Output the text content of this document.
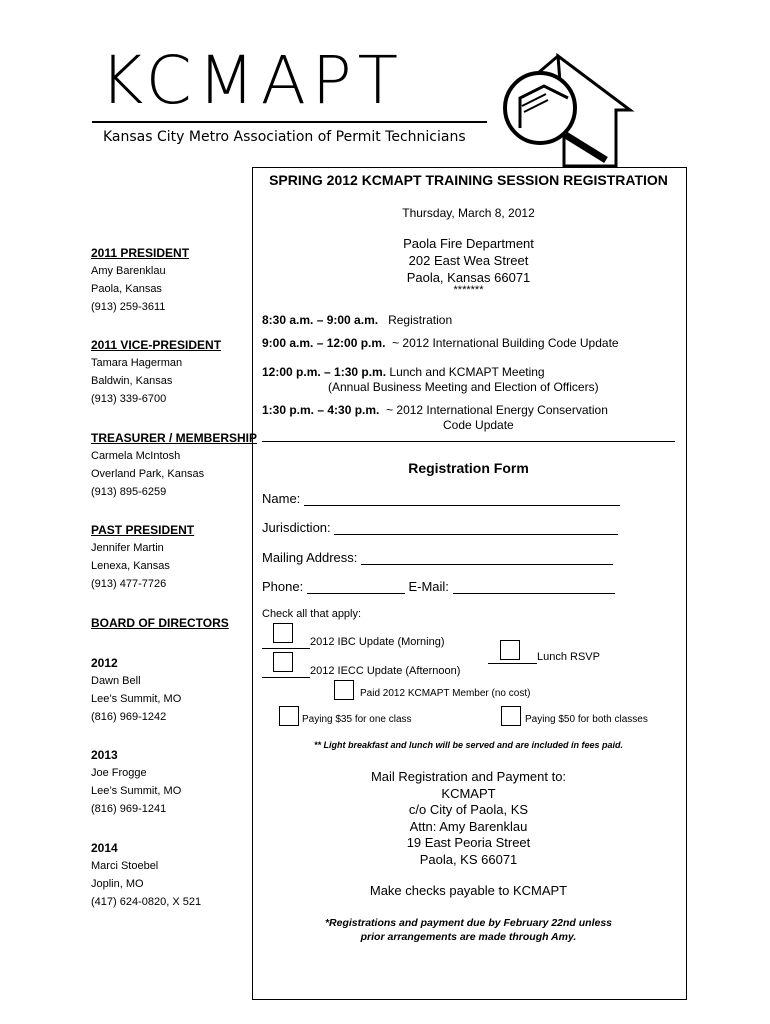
KCMAPT
Kansas City Metro Association of Permit Technicians
2011 PRESIDENT
Amy Barenklau
Paola, Kansas
(913) 259-3611
2011 VICE-PRESIDENT
Tamara Hagerman
Baldwin, Kansas
(913) 339-6700
TREASURER / MEMBERSHIP
Carmela McIntosh
Overland Park, Kansas
(913) 895-6259
PAST PRESIDENT
Jennifer Martin
Lenexa, Kansas
(913) 477-7726
BOARD OF DIRECTORS
2012
Dawn Bell
Lee’s Summit, MO
(816) 969-1242
2013
Joe Frogge
Lee’s Summit, MO
(816) 969-1241
2014
Marci Stoebel
Joplin, MO
(417) 624-0820, X 521
SPRING 2012 KCMAPT TRAINING SESSION REGISTRATION
Thursday, March 8, 2012
Paola Fire Department
202 East Wea Street
Paola, Kansas 66071
*******
8:30 a.m. – 9:00 a.m. Registration
9:00 a.m. – 12:00 p.m. ~ 2012 International Building Code Update
12:00 p.m. – 1:30 p.m. Lunch and KCMAPT Meeting
(Annual Business Meeting and Election of Officers)
1:30 p.m. – 4:30 p.m. ~ 2012 International Energy Conservation
Code Update
Registration Form
Name:
Jurisdiction:
Mailing Address:
Phone:	E-Mail:
Check all that apply:
2012 IBC Update (Morning)
2012 IECC Update (Afternoon)
Lunch RSVP
Paid 2012 KCMAPT Member (no cost)
Paying $35 for one class	Paying $50 for both classes
** Light breakfast and lunch will be served and are included in fees paid.
Mail Registration and Payment to:
KCMAPT
c/o City of Paola, KS
Attn: Amy Barenklau
19 East Peoria Street
Paola, KS 66071
Make checks payable to KCMAPT
*Registrations and payment due by February 22nd unless
prior arrangements are made through Amy.
